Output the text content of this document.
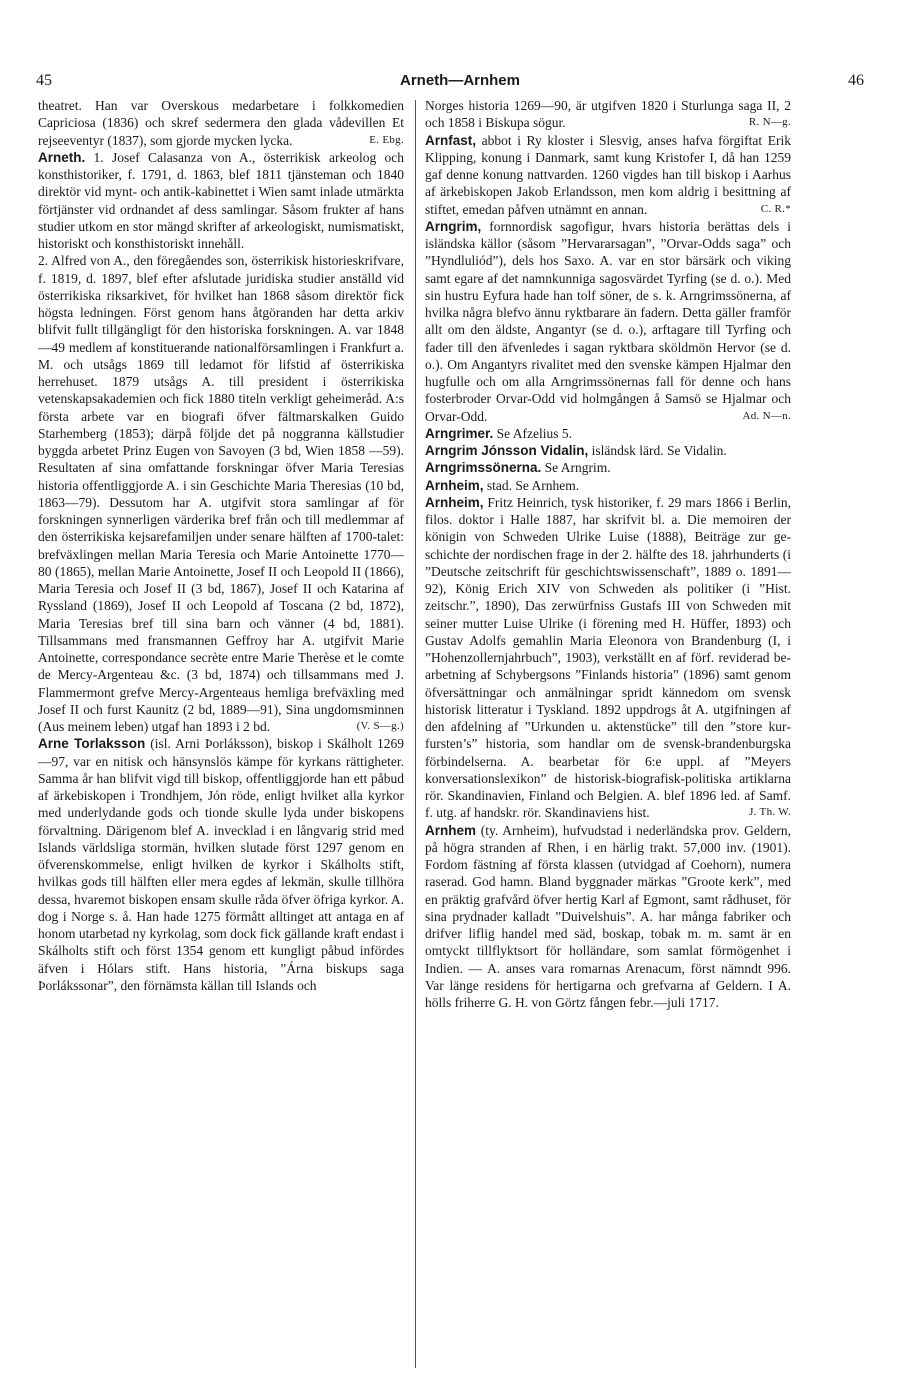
45	Arneth—Arnhem	46

theatret. Han var Overskous medarbetare i folkkomedien Capriciosa (1836) och skref sedermera den glada vådevillen Et rejseeventyr (1837), som gjorde mycken lycka.	E. Ebg.

Arneth. 1. Josef Calasanza von A., österrikisk arkeolog och konsthistoriker, f. 1791, d. 1863, blef 1811 tjänsteman och 1840 direktör vid mynt- och antik-kabinettet i Wien samt inlade utmärkta förtjänster vid ordnandet af dess samlingar. Såsom frukter af hans studier utkom en stor mängd skrifter af arkeologiskt, numismatiskt, historiskt och konsthistoriskt innehåll.

2. Alfred von A., den föregåendes son, österrikisk historieskrifvare, f. 1819, d. 1897, blef efter afslutade juridiska studier anställd vid österrikiska riksarkivet, för hvilket han 1868 såsom direktör fick högsta ledningen. Först genom hans åtgöranden har detta arkiv blifvit fullt tillgängligt för den historiska forskningen. A. var 1848—49 medlem af konstituerande nationalförsamlingen i Frankfurt a. M. och utsågs 1869 till ledamot för lifstid af österrikiska herrehuset. 1879 utsågs A. till president i österrikiska vetenskapsakademien och fick 1880 titeln verkligt geheimeråd. A:s första arbete var en biografi öfver fältmarskalken Guido Starhemberg (1853); därpå följde det på noggranna källstudier byggda arbetet Prinz Eugen von Savoyen (3 bd, Wien 1858 —59). Resultaten af sina omfattande forskningar öfver Maria Teresias historia offentliggjorde A. i sin Geschichte Maria Theresias (10 bd, 1863—79). Dessutom har A. utgifvit stora samlingar af för forskningen synnerligen värderika bref från och till medlemmar af den österrikiska kejsarefamiljen under senare hälften af 1700-talet: brefväxlingen mellan Maria Teresia och Marie Antoinette 1770—80 (1865), mellan Marie Antoinette, Josef II och Leopold II (1866), Maria Teresia och Josef II (3 bd, 1867), Josef II och Katarina af Ryssland (1869), Josef II och Leopold af Toscana (2 bd, 1872), Maria Teresias bref till sina barn och vänner (4 bd, 1881). Tillsammans med fransmannen Geffroy har A. utgifvit Marie Antoinette, correspondance secrète entre Marie Therèse et le comte de Mercy-Argenteau &c. (3 bd, 1874) och tillsammans med J. Flammermont grefve Mercy-Argenteaus hemliga brefväxling med Josef II och furst Kaunitz (2 bd, 1889—91), Sina ungdomsminnen (Aus meinem leben) utgaf han 1893 i 2 bd.	(V. S—g.)

Arne Torlaksson (isl. Arni Þorláksson), biskop i Skálholt 1269—97, var en nitisk och hänsynslös kämpe för kyrkans rättigheter. Samma år han blifvit vigd till biskop, offentliggjorde han ett påbud af ärkebiskopen i Trondhjem, Jón röde, enligt hvilket alla kyrkor med underlydande gods och tionde skulle lyda under biskopens förvaltning. Därigenom blef A. invecklad i en långvarig strid med Islands världsliga stormän, hvilken slutade först 1297 genom en öfverenskommelse, enligt hvilken de kyrkor i Skálholts stift, hvilkas gods till hälften eller mera egdes af lekmän, skulle tillhöra dessa, hvaremot biskopen ensam skulle råda öfver öfriga kyrkor. A. dog i Norge s. å. Han hade 1275 förmått alltinget att antaga en af honom utarbetad ny kyrkolag, som dock fick gällande kraft endast i Skálholts stift och först 1354 genom ett kungligt påbud infördes äfven i Hólars stift. Hans historia, ”Árna biskups saga Þorlákssonar”, den förnämsta källan till Islands och

Norges historia 1269—90, är utgifven 1820 i Sturlunga saga II, 2 och 1858 i Biskupa sögur.	R. N—g.

Arnfast, abbot i Ry kloster i Slesvig, anses hafva förgiftat Erik Klipping, konung i Danmark, samt kung Kristofer I, då han 1259 gaf denne konung nattvarden. 1260 vigdes han till biskop i Aarhus af ärkebiskopen Jakob Erlandsson, men kom aldrig i besittning af stiftet, emedan påfven utnämnt en annan.	C. R.*

Arngrim, fornnordisk sagofigur, hvars historia berättas dels i isländska källor (såsom ”Hervararsagan”, ”Orvar-Odds saga” och ”Hyndluliód”), dels hos Saxo. A. var en stor bärsärk och viking samt egare af det namnkunniga sagosvärdet Tyrfing (se d. o.). Med sin hustru Eyfura hade han tolf söner, de s. k. Arngrimssönerna, af hvilka några blefvo ännu ryktbarare än fadern. Detta gäller framför allt om den äldste, Angantyr (se d. o.), arftagare till Tyrfing och fader till den äfvenledes i sagan ryktbara sköldmön Hervor (se d. o.). Om Angantyrs rivalitet med den svenske kämpen Hjalmar den hugfulle och om alla Arngrimssönernas fall för denne och hans fosterbroder Orvar-Odd vid holmgången å Samsö se Hjalmar och Orvar-Odd.	Ad. N—n.

Arngrimer. Se Afzelius 5.

Arngrim Jónsson Vidalin, isländsk lärd. Se Vidalin.

Arngrimssönerna. Se Arngrim.

Arnheim, stad. Se Arnhem.

Arnheim, Fritz Heinrich, tysk historiker, f. 29 mars 1866 i Berlin, filos. doktor i Halle 1887, har skrifvit bl. a. Die memoiren der königin von Schweden Ulrike Luise (1888), Beiträge zur geschichte der nordischen frage in der 2. hälfte des 18. jahrhunderts (i ”Deutsche zeitschrift für geschichtswissenschaft”, 1889 o. 1891—92), König Erich XIV von Schweden als politiker (i ”Hist. zeitschr.”, 1890), Das zerwürfniss Gustafs III von Schweden mit seiner mutter Luise Ulrike (i förening med H. Hüffer, 1893) och Gustav Adolfs gemahlin Maria Eleonora von Brandenburg (I, i ”Hohenzollernjahrbuch”, 1903), verkställt en af förf. reviderad bearbetning af Schybergsons ”Finlands historia” (1896) samt genom öfversättningar och anmälningar spridt kännedom om svensk historisk litteratur i Tyskland. 1892 uppdrogs åt A. utgifningen af den afdelning af ”Urkunden u. aktenstücke” till den ”store kurfursten’s” historia, som handlar om de svensk-brandenburgska förbindelserna. A. bearbetar för 6:e uppl. af ”Meyers konversationslexikon” de historisk-biografisk-politiska artiklarna rör. Skandinavien, Finland och Belgien. A. blef 1896 led. af Samf. f. utg. af handskr. rör. Skandinaviens hist.	J. Th. W.

Arnhem (ty. Arnheim), hufvudstad i nederländska prov. Geldern, på högra stranden af Rhen, i en härlig trakt. 57,000 inv. (1901). Fordom fästning af första klassen (utvidgad af Coehorn), numera raserad. God hamn. Bland byggnader märkas ”Groote kerk”, med en präktig grafvård öfver hertig Karl af Egmont, samt rådhuset, för sina prydnader kalladt ”Duivelshuis”. A. har många fabriker och drifver liflig handel med säd, boskap, tobak m. m. samt är en omtyckt tillflyktsort för holländare, som samlat förmögenhet i Indien. — A. anses vara romarnas Arenacum, först nämndt 996. Var länge residens för hertigarna och grefvarna af Geldern. I A. hölls friherre G. H. von Görtz fången febr.—juli 1717.
